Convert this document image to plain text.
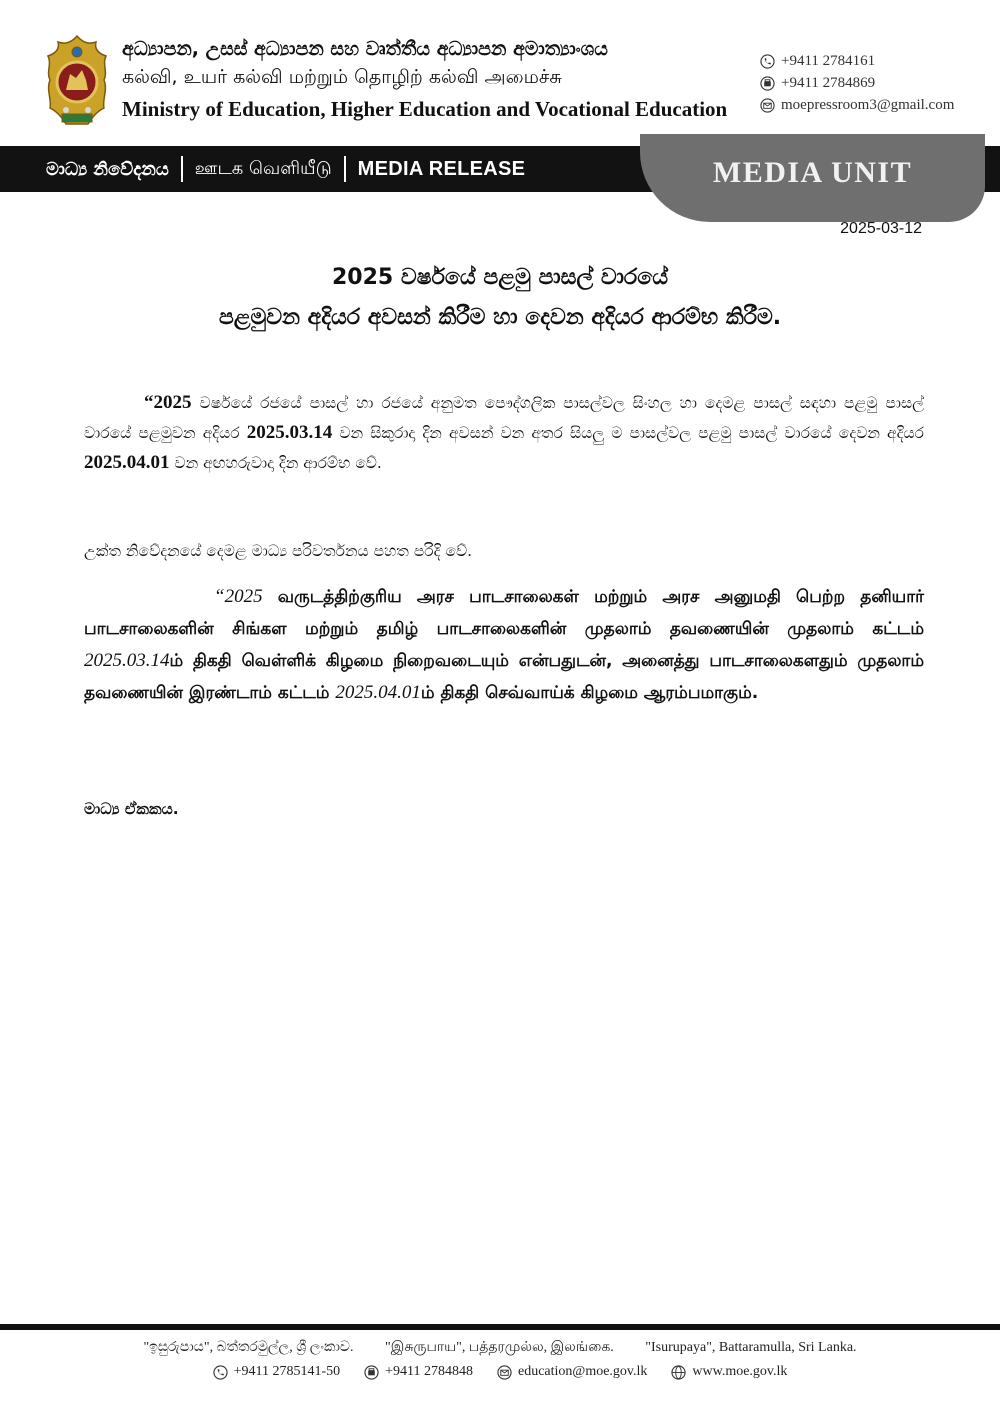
අධ්‍යාපන, උසස් අධ්‍යාපන සහ වෘත්තීය අධ්‍යාපන අමාත්‍යාංශය
கல்வி, உயர் கல்வி மற்றும் தொழிற் கல்வி அமைச்சு
Ministry of Education, Higher Education and Vocational Education
+9411 2784161
+9411 2784869
moepressroom3@gmail.com
මාධ්‍ය නිවේදනය ஊடக வெளியீடு MEDIA RELEASE	MEDIA UNIT
2025-03-12
2025 වර්ෂයේ පළමු පාසල් වාරයේ
පළමුවන අදියර අවසන් කිරීම හා දෙවන අදියර ආරම්භ කිරීම.
“2025 වර්ෂයේ රජයේ පාසල් හා රජයේ අනුමත පෞද්ගලික පාසල්වල සිංහල හා දෙමළ පාසල් සඳහා පළමු පාසල් වාරයේ පළමුවන අදියර 2025.03.14 වන සිකුරාදා දින අවසන් වන අතර සියලු ම පාසල්වල පළමු පාසල් වාරයේ දෙවන අදියර 2025.04.01 වන අඟහරුවාදා දින ආරම්භ වේ.
උක්ත නිවේදනයේ දෙමළ මාධ්‍ය පරිවර්තනය පහත පරිදි වේ.
“2025 வருடத்திற்குரிய அரச பாடசாலைகள் மற்றும் அரச அனுமதி பெற்ற தனியார் பாடசாலைகளின் சிங்கள மற்றும் தமிழ் பாடசாலைகளின் முதலாம் தவணையின் முதலாம் கட்டம் 2025.03.14ம் திகதி வெள்ளிக் கிழமை நிறைவடையும் என்பதுடன், அனைத்து பாடசாலைகளதும் முதலாம் தவணையின் இரண்டாம் கட்டம் 2025.04.01ம் திகதி செவ்வாய்க் கிழமை ஆரம்பமாகும்.
මාධ්‍ය ඒකකය.
"ඉසුරුපාය", බත්තරමුල්ල, ශ්‍රී ලංකාව. "இசுருபாய", பத்தரமுல்ல, இலங்கை. "Isurupaya", Battaramulla, Sri Lanka.
+9411 2785141-50	+9411 2784848	education@moe.gov.lk	www.moe.gov.lk
